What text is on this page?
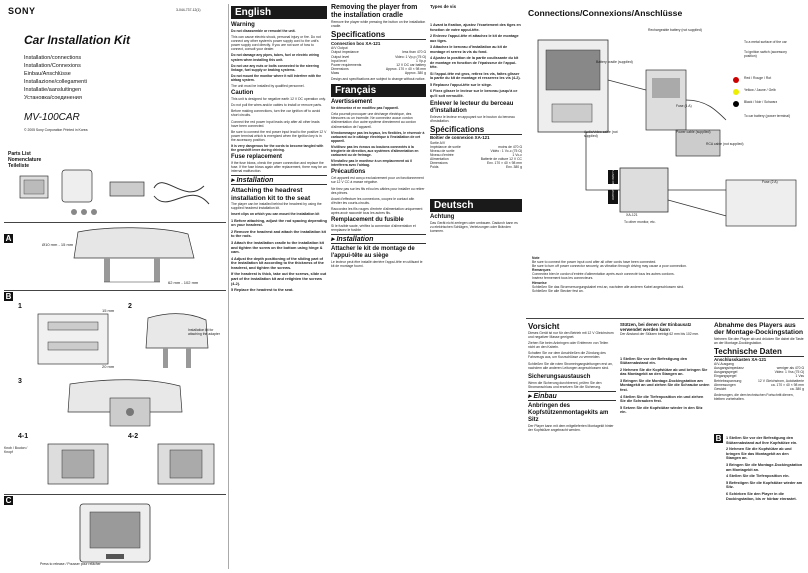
SONY	3-044-737-12(1)
Car Installation Kit
Installation/connections
Installation/Connexions
Einbau/Anschlüsse
Installazione/collegamenti
Installatie/aansluitingen
Установка/соединения
MV-100CAR
© 2005 Sony Corporation Printed in Korea
Parts List
Nomenclature
Teileliste
A
Ø10 mm - 15 mm
62 mm - 102 mm
B
1	2
15 mm
20 mm
Installation kit for attaching the adapter
3
4-1	4-2
Knob / Bouton / Knopf
C
Press to release / Pousser pour relâcher
English
Warning

Do not disassemble or remodel the unit.

This can cause electric shock, personal injury or fire. Do not connect any other system's power supply cord to the unit's power supply cord directly. If you are not sure of how to connect, consult your dealer.

Do not damage any pipes, tubes, fuel or electric wiring system when installing this unit.

Do not use any nuts or bolts connected to the steering linkage, fuel supply or braking systems.

Do not mount the monitor where it will interfere with the airbag system.

The unit must be installed by qualified personnel.

Caution

This unit is designed for negative earth 12 V DC operation only.

Do not pull the wires and/or cables to install or remove parts.

Before making connections, turn the car ignition off to avoid short circuits.

Connect the red power input leads only after all other leads have been connected.

Be sure to connect the red power input lead to the positive 12 V power terminal which is energized when the ignition key is in the accessory position.

It is very dangerous for the cords to become tangled with the gearshift lever during driving.

Fuse replacement

If the fuse blows, check the power connection and replace the fuse. If the fuse blows again after replacement, there may be an internal malfunction.

▸ Installation
Attaching the headrest installation kit to the seat

The player can be installed behind the headrest by using the supplied headrest installation kit.

Insert clips on which you can mount the installation kit

1 Before attaching, adjust the rod spacing depending on your headrest.

2 Remove the headrest and attach the installation kit to the rods.

3 Attach the installation cradle to the installation kit and tighten the screw on the bottom using hinge & cam.

4 Adjust the depth positioning of the sliding part of the installation kit according to the thickness of the headrest, and tighten the screws.

If the headrest is thick, take out the screws, slide out part of the installation kit and retighten the screws (4-2).

5 Replace the headrest to the seat.

Removing the player from the installation cradle

Remove the player while pressing the button on the installation cradle.

Specifications
Connection box XA-121
A/V Output
Output impedance	less than 470 Ω
Output level	Video: 1 Vp-p (75 Ω)
Input level	1 Vp-p
Power requirements	12 V DC car battery
Dimensions	Approx. 170 × 40 × 98 mm
Mass	Approx. 380 g

Design and specifications are subject to change without notice.

Français
Avertissement

Ne démontez et ne modifiez pas l'appareil.

Cela pourrait provoquer une décharge électrique, des blessures ou un incendie. Ne connectez aucun cordon d'alimentation d'un autre système directement au cordon d'alimentation de l'appareil.

N'endommagez pas les tuyaux, les flexibles, le réservoir à carburant ou le câblage électrique à l'installation de cet appareil.

N'utilisez pas les écrous ou boulons connectés à la tringlerie de direction, aux systèmes d'alimentation en carburant ou de freinage.

N'installez pas le moniteur à un emplacement où il interfèrera avec l'airbag.

Précautions

Cet appareil est conçu exclusivement pour un fonctionnement sur 12 V CC à masse négative.

Ne tirez pas sur les fils et/ou les câbles pour installer ou retirer des pièces.

Avant d'effectuer les connexions, coupez le contact afin d'éviter les courts-circuits.

Raccordez les fils rouges d'entrée d'alimentation uniquement après avoir raccordé tous les autres fils.

Remplacement du fusible

Si le fusible saute, vérifiez la connexion d'alimentation et remplacez le fusible.

▸ Installation
Attacher le kit de montage de l'appui-tête au siège

Le lecteur peut être installé derrière l'appui-tête en utilisant le kit de montage fourni.

Types de vis

1 Avant la fixation, ajustez l'écartement des tiges en fonction de votre appui-tête.

2 Enlevez l'appui-tête et attachez le kit de montage aux tiges.

3 Attachez le berceau d'installation au kit de montage et serrez la vis du fond.

4 Ajustez la position de la partie coulissante du kit de montage en fonction de l'épaisseur de l'appui-tête.

Si l'appui-tête est gros, retirez les vis, faites glisser la partie du kit de montage et resserrez les vis (4-2).

5 Replacez l'appui-tête sur le siège.

6 Fixez glisser le lecteur sur le berceau jusqu'à ce qu'il soit verrouillé.

Enlever le lecteur du berceau d'installation

Enlevez le lecteur en appuyant sur le bouton du berceau d'installation.

Spécifications
Boîtier de connexion XA-121
Sortie A/V
Impédance de sortie	moins de 470 Ω
Niveau de sortie	Vidéo : 1 Vc-c (75 Ω)
Niveau d'entrée	1 Vc-c
Alimentation	Batterie de voiture 12 V CC
Dimensions	Env. 170 × 40 × 98 mm
Poids	Env. 380 g
Deutsch
Achtung

Das Gerät nicht zerlegen oder umbauen. Dadurch kann es zu elektrischen Schlägen, Verletzungen oder Bränden kommen.

Connections/Connexions/Anschlüsse
INPUT VIDEO
OUTPUT VIDEO
XA-121
Rechargeable battery (not supplied)
Battery cradle (supplied)
Power cable (supplied)
Audio/video cable (not supplied)
Red / Rouge / Rot
Yellow / Jaune / Gelb
Black / Noir / Schwarz
Fuse (1 A)
To a metal surface of the car
To ignition switch (accessory position)
To car battery (power terminal)
RCA cable (not supplied)
To other monitor, etc.
Fuse (2 A)
Note
Be sure to connect the power input cord after all other cords have been connected.
Be sure to turn off power connector securely, as vibration through driving may cause a poor connection.
Remarques
Connectez bien le cordon d'entrée d'alimentation après avoir connecté tous les autres cordons.
Insérez fermement tous les connecteurs.
Hinweise
Schließen Sie das Stromversorgungskabel erst an, nachdem alle anderen Kabel angeschlossen sind.
Schließen Sie alle Stecker fest an.
Vorsicht

Dieses Gerät ist nur für den Betrieb mit 12 V Gleichstrom und negativer Masse geeignet.

Ziehen Sie beim Anbringen oder Entfernen von Teilen nicht an den Kabeln.

Schalten Sie vor dem Anschließen die Zündung des Fahrzeugs aus, um Kurzschlüsse zu vermeiden.

Schließen Sie die roten Stromeingangsleitungen erst an, nachdem alle anderen Leitungen angeschlossen sind.

Sicherungsaustausch

Wenn die Sicherung durchbrennt, prüfen Sie den Stromanschluss und ersetzen Sie die Sicherung.

▸ Einbau
Anbringen des Kopfstützenmontagekits am Sitz

Der Player kann mit dem mitgelieferten Montagekit hinter der Kopfstütze angebracht werden.

Stützen, bei denen der Einbausatz verwendet werden kann

Der Abstand der Stützen beträgt 62 mm bis 102 mm.

1 Stellen Sie vor der Befestigung den Stützenabstand ein.

2 Nehmen Sie die Kopfstütze ab und bringen Sie das Montagekit an den Stangen an.

3 Bringen Sie die Montage-Dockingstation am Montagekit an und ziehen Sie die Schraube unten fest.

4 Stellen Sie die Tiefenposition ein und ziehen Sie die Schrauben fest.

5 Setzen Sie die Kopfstütze wieder in den Sitz ein.

Abnahme des Players aus der Montage-Dockingstation

Nehmen Sie den Player ab und drücken Sie dabei die Taste an der Montage-Dockingstation.

Technische Daten
Anschlusskasten XA-121
A/V-Ausgang
Ausgangsimpedanz	weniger als 470 Ω
Ausgangspegel	Video: 1 Vss (75 Ω)
Eingangspegel	1 Vss
Betriebsspannung	12 V Gleichstrom, Autobatterie
Abmessungen	ca. 170 × 40 × 98 mm
Gewicht	ca. 380 g

Änderungen, die dem technischen Fortschritt dienen, bleiben vorbehalten.

B	1 Stellen Sie vor der Befestigung den Stützenabstand auf Ihre Kopfstütze ein.

2 Nehmen Sie die Kopfstütze ab und bringen Sie das Montagekit an den Stangen an.

3 Bringen Sie die Montage-Dockingstation am Montagekit an.

4 Stellen Sie die Tiefenposition ein.

5 Befestigen Sie die Kopfstütze wieder am Sitz.

6 Schieben Sie den Player in die Dockingstation, bis er hörbar einrastet.
